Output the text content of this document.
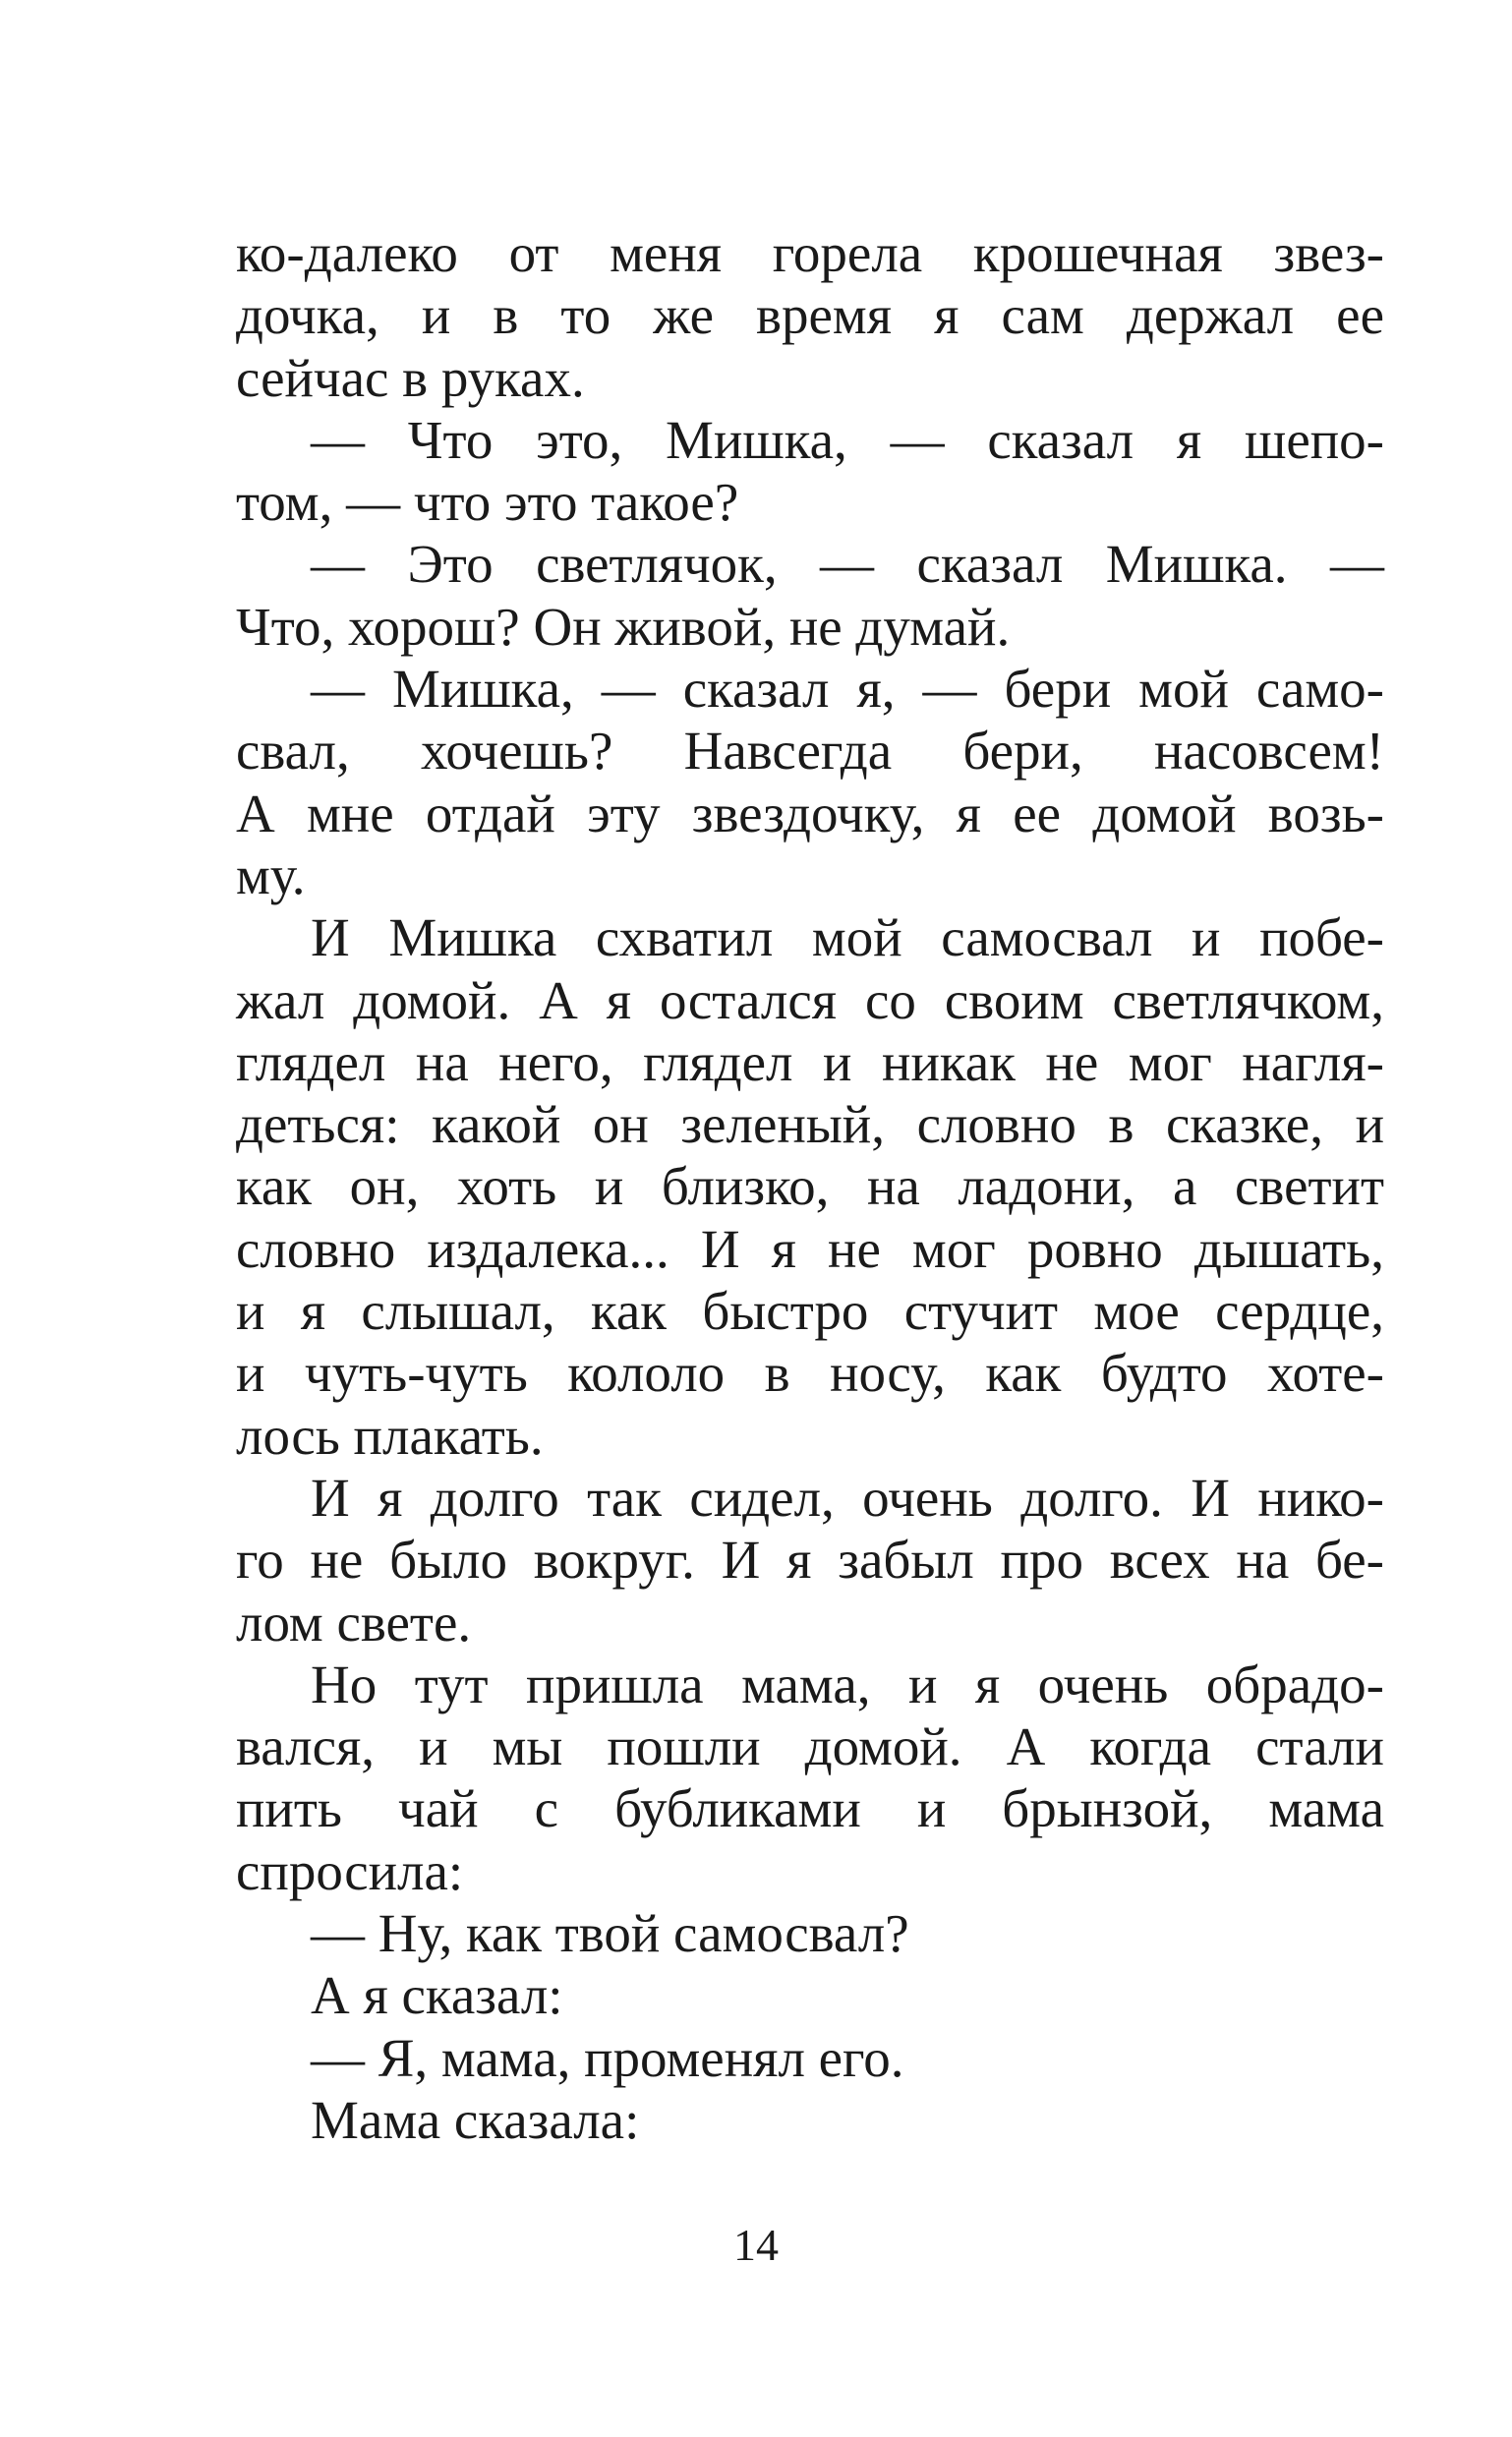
ко-далеко от меня горела крошечная звез-
дочка, и в то же время я сам держал ее
сейчас в руках.
— Что это, Мишка, — сказал я шепо-
том, — что это такое?
— Это светлячок, — сказал Мишка. —
Что, хорош? Он живой, не думай.
— Мишка, — сказал я, — бери мой само-
свал, хочешь? Навсегда бери, насовсем!
А мне отдай эту звездочку, я ее домой возь-
му.
И Мишка схватил мой самосвал и побе-
жал домой. А я остался со своим светлячком,
глядел на него, глядел и никак не мог нагля-
деться: какой он зеленый, словно в сказке, и
как он, хоть и близко, на ладони, а светит
словно издалека... И я не мог ровно дышать,
и я слышал, как быстро стучит мое сердце,
и чуть-чуть кололо в носу, как будто хоте-
лось плакать.
И я долго так сидел, очень долго. И нико-
го не было вокруг. И я забыл про всех на бе-
лом свете.
Но тут пришла мама, и я очень обрадо-
вался, и мы пошли домой. А когда стали
пить чай с бубликами и брынзой, мама
спросила:
— Ну, как твой самосвал?
А я сказал:
— Я, мама, променял его.
Мама сказала:
14
